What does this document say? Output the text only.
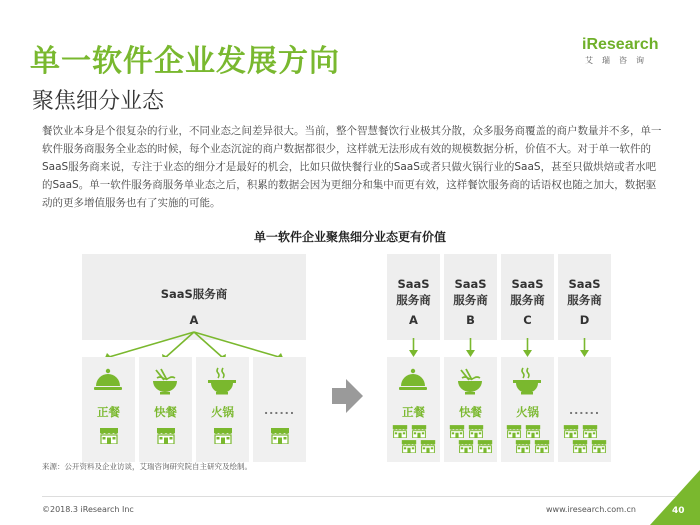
单一软件企业发展方向
聚焦细分业态
iResearch
艾瑞咨询
餐饮业本身是个很复杂的行业，不同业态之间差异很大。当前，整个智慧餐饮行业极其分散，众多服务商覆盖的商户数量并不多，单一软件服务商服务全业态的时候，每个业态沉淀的商户数据都很少，这样就无法形成有效的规模数据分析，价值不大。对于单一软件的SaaS服务商来说，专注于业态的细分才是最好的机会，比如只做快餐行业的SaaS或者只做火锅行业的SaaS，甚至只做烘焙或者水吧的SaaS。单一软件服务商服务单业态之后，积累的数据会因为更细分和集中而更有效，这样餐饮服务商的话语权也随之加大，数据驱动的更多增值服务也有了实施的可能。
单一软件企业聚焦细分业态更有价值
SaaS服务商
A
正餐	快餐	火锅	......
SaaS
服务商
A
SaaS
服务商
B
SaaS
服务商
C
SaaS
服务商
D
正餐	快餐	火锅	......
来源：公开资料及企业访谈，艾瑞咨询研究院自主研究及绘制。
©2018.3 iResearch Inc	www.iresearch.com.cn	40
